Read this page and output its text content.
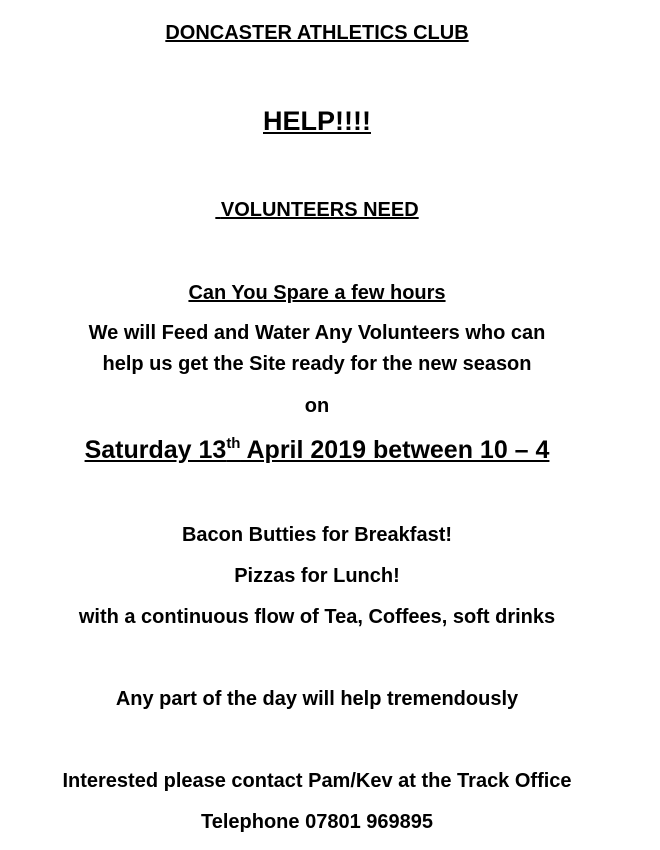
DONCASTER ATHLETICS CLUB
HELP!!!!
VOLUNTEERS NEED
Can You Spare a few hours
We will Feed and Water Any Volunteers who can
help us get the Site ready for the new season
on
Saturday 13th April 2019 between 10 – 4
Bacon Butties for Breakfast!
Pizzas for Lunch!
with a continuous flow of Tea, Coffees, soft drinks
Any part of the day will help tremendously
Interested please contact Pam/Kev at the Track Office
Telephone 07801 969895
